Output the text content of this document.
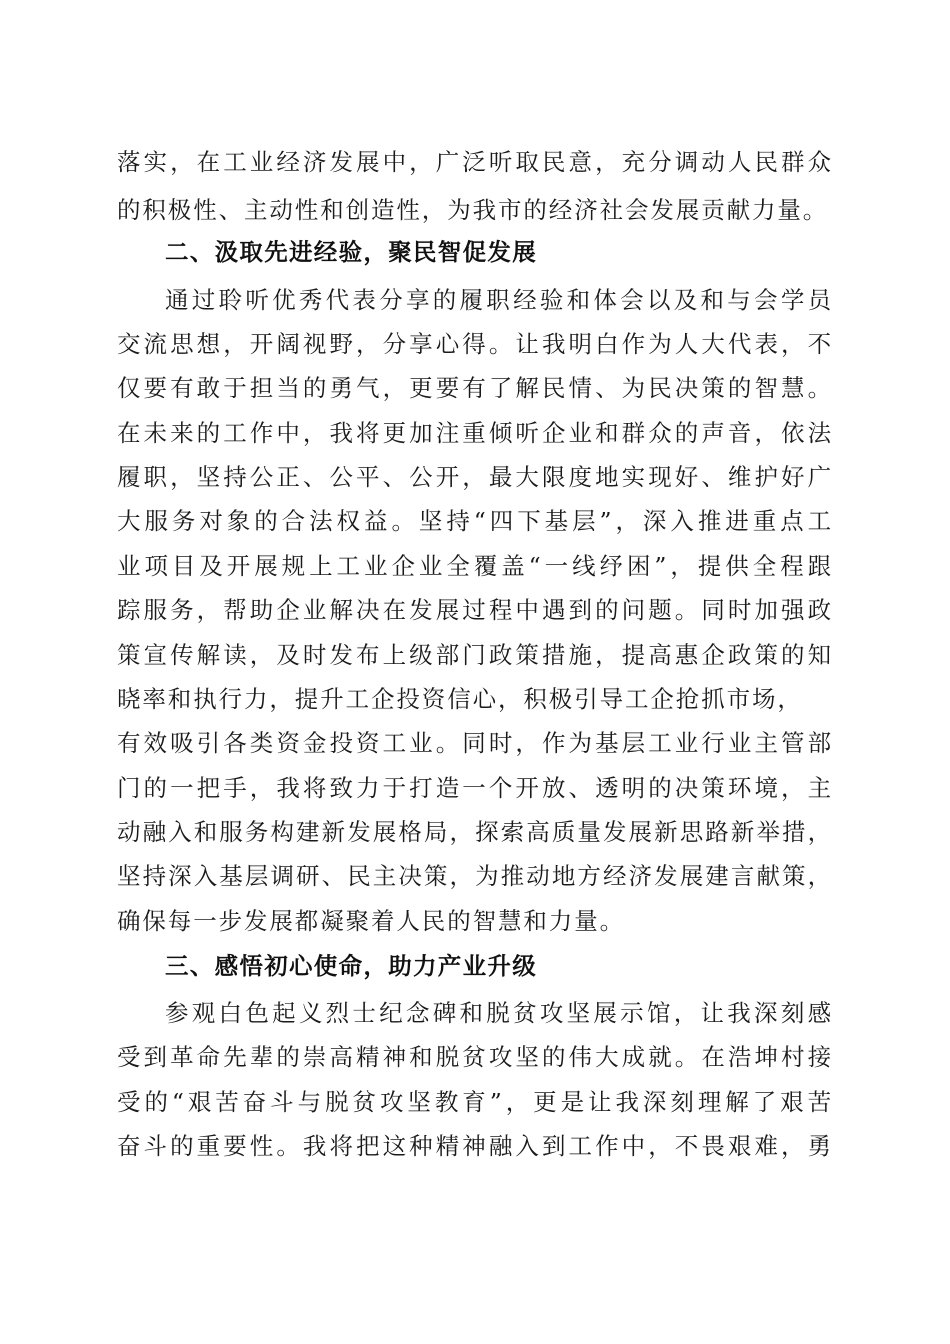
落实，在工业经济发展中，广泛听取民意，充分调动人民群众
的积极性、主动性和创造性，为我市的经济社会发展贡献力量。
二、汲取先进经验，聚民智促发展
通过聆听优秀代表分享的履职经验和体会以及和与会学员
交流思想，开阔视野，分享心得。让我明白作为人大代表，不
仅要有敢于担当的勇气，更要有了解民情、为民决策的智慧。
在未来的工作中，我将更加注重倾听企业和群众的声音，依法
履职，坚持公正、公平、公开，最大限度地实现好、维护好广
大服务对象的合法权益。坚持“四下基层”，深入推进重点工
业项目及开展规上工业企业全覆盖“一线纾困”，提供全程跟
踪服务，帮助企业解决在发展过程中遇到的问题。同时加强政
策宣传解读，及时发布上级部门政策措施，提高惠企政策的知
晓率和执行力，提升工企投资信心，积极引导工企抢抓市场，
有效吸引各类资金投资工业。同时，作为基层工业行业主管部
门的一把手，我将致力于打造一个开放、透明的决策环境，主
动融入和服务构建新发展格局，探索高质量发展新思路新举措，
坚持深入基层调研、民主决策，为推动地方经济发展建言献策，
确保每一步发展都凝聚着人民的智慧和力量。
三、感悟初心使命，助力产业升级
参观白色起义烈士纪念碑和脱贫攻坚展示馆，让我深刻感
受到革命先辈的崇高精神和脱贫攻坚的伟大成就。在浩坤村接
受的“艰苦奋斗与脱贫攻坚教育”，更是让我深刻理解了艰苦
奋斗的重要性。我将把这种精神融入到工作中，不畏艰难，勇
